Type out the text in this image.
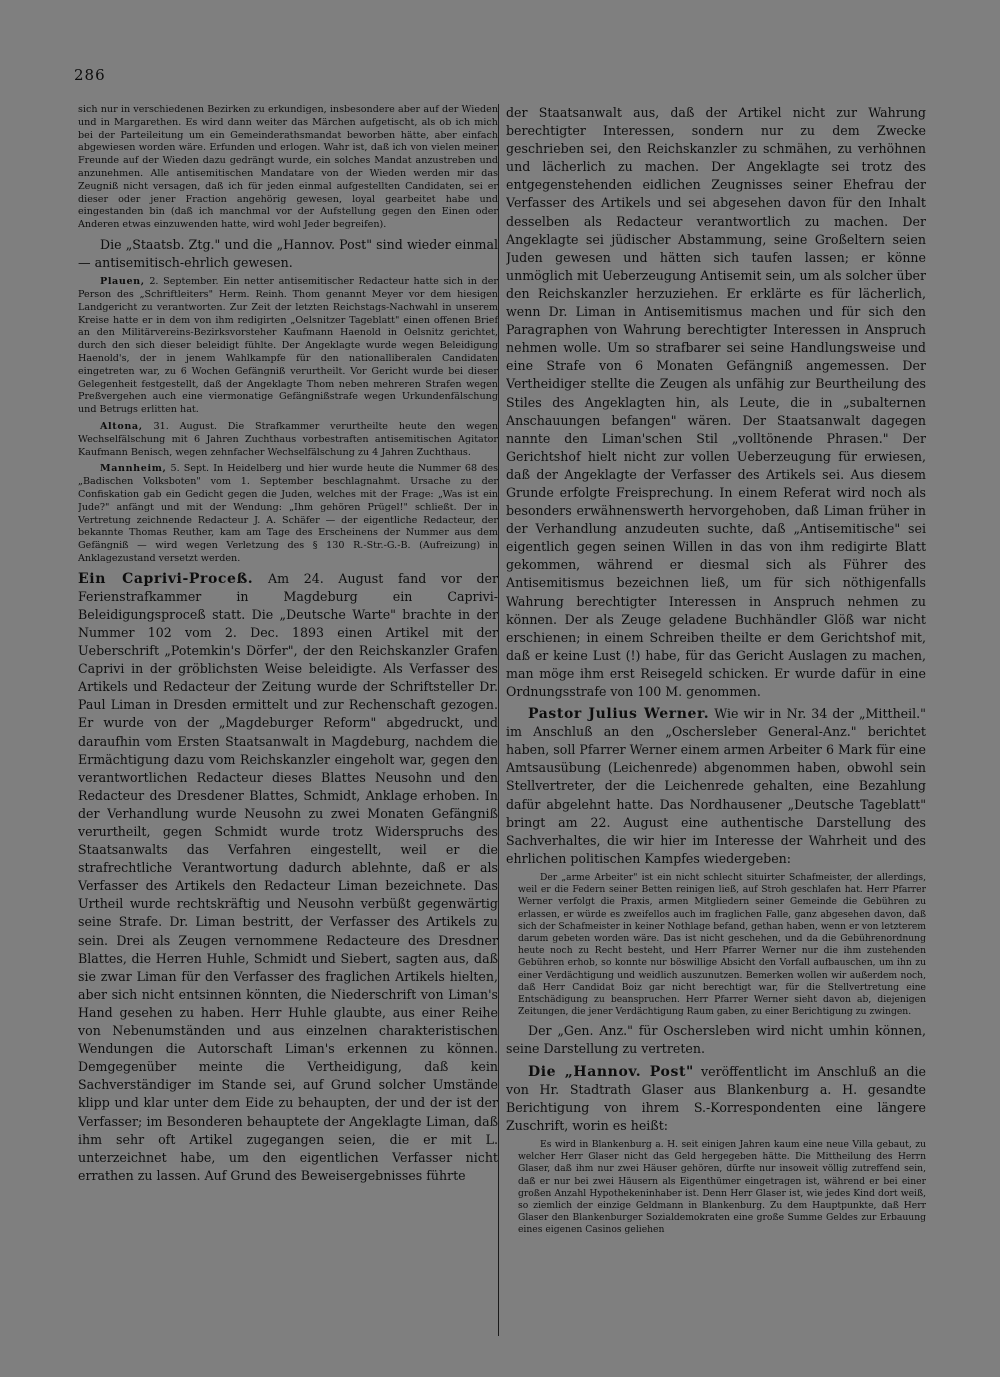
286

sich nur in verschiedenen Bezirken zu erkundigen, insbesondere aber auf der Wieden und in Margarethen. Es wird dann weiter das Märchen aufgetischt, als ob ich mich bei der Parteileitung um ein Gemeinderathsmandat beworben hätte, aber einfach abgewiesen worden wäre. Erfunden und erlogen. Wahr ist, daß ich von vielen meiner Freunde auf der Wieden dazu gedrängt wurde, ein solches Mandat anzustreben und anzunehmen. Alle antisemitischen Mandatare von der Wieden werden mir das Zeugniß nicht versagen, daß ich für jeden einmal aufgestellten Candidaten, sei er dieser oder jener Fraction angehörig gewesen, loyal gearbeitet habe und eingestanden bin (daß ich manchmal vor der Aufstellung gegen den Einen oder Anderen etwas einzuwenden hatte, wird wohl Jeder begreifen).

Die „Staatsb. Ztg." und die „Hannov. Post" sind wieder einmal — antisemitisch-ehrlich gewesen.

Plauen, 2. September. Ein netter antisemitischer Redacteur hatte sich in der Person des „Schriftleiters" Herm. Reinh. Thom genannt Meyer vor dem hiesigen Landgericht zu verantworten. Zur Zeit der letzten Reichstags-Nachwahl in unserem Kreise hatte er in dem von ihm redigirten „Oelsnitzer Tageblatt" einen offenen Brief an den Militärvereins-Bezirksvorsteher Kaufmann Haenold in Oelsnitz gerichtet, durch den sich dieser beleidigt fühlte. Der Angeklagte wurde wegen Beleidigung Haenold's, der in jenem Wahlkampfe für den nationalliberalen Candidaten eingetreten war, zu 6 Wochen Gefängniß verurtheilt. Vor Gericht wurde bei dieser Gelegenheit festgestellt, daß der Angeklagte Thom neben mehreren Strafen wegen Preßvergehen auch eine viermonatige Gefängnißstrafe wegen Urkundenfälschung und Betrugs erlitten hat.

Altona, 31. August. Die Strafkammer verurtheilte heute den wegen Wechselfälschung mit 6 Jahren Zuchthaus vorbestraften antisemitischen Agitator Kaufmann Benisch, wegen zehnfacher Wechselfälschung zu 4 Jahren Zuchthaus.

Mannheim, 5. Sept. In Heidelberg und hier wurde heute die Nummer 68 des „Badischen Volksboten" vom 1. September beschlagnahmt. Ursache zu der Confiskation gab ein Gedicht gegen die Juden, welches mit der Frage: „Was ist ein Jude?" anfängt und mit der Wendung: „Ihm gehören Prügel!" schließt. Der in Vertretung zeichnende Redacteur J. A. Schäfer — der eigentliche Redacteur, der bekannte Thomas Reuther, kam am Tage des Erscheinens der Nummer aus dem Gefängniß — wird wegen Verletzung des § 130 R.-Str.-G.-B. (Aufreizung) in Anklagezustand versetzt werden.

Ein Caprivi-Proceß. Am 24. August fand vor der Ferienstrafkammer in Magdeburg ein Caprivi-Beleidigungsproceß statt. Die „Deutsche Warte" brachte in der Nummer 102 vom 2. Dec. 1893 einen Artikel mit der Ueberschrift „Potemkin's Dörfer", der den Reichskanzler Grafen Caprivi in der gröblichsten Weise beleidigte. Als Verfasser des Artikels und Redacteur der Zeitung wurde der Schriftsteller Dr. Paul Liman in Dresden ermittelt und zur Rechenschaft gezogen. Er wurde von der „Magdeburger Reform" abgedruckt, und daraufhin vom Ersten Staatsanwalt in Magdeburg, nachdem die Ermächtigung dazu vom Reichskanzler eingeholt war, gegen den verantwortlichen Redacteur dieses Blattes Neusohn und den Redacteur des Dresdener Blattes, Schmidt, Anklage erhoben. In der Verhandlung wurde Neusohn zu zwei Monaten Gefängniß verurtheilt, gegen Schmidt wurde trotz Widerspruchs des Staatsanwalts das Verfahren eingestellt, weil er die strafrechtliche Verantwortung dadurch ablehnte, daß er als Verfasser des Artikels den Redacteur Liman bezeichnete. Das Urtheil wurde rechtskräftig und Neusohn verbüßt gegenwärtig seine Strafe. Dr. Liman bestritt, der Verfasser des Artikels zu sein. Drei als Zeugen vernommene Redacteure des Dresdner Blattes, die Herren Huhle, Schmidt und Siebert, sagten aus, daß sie zwar Liman für den Verfasser des fraglichen Artikels hielten, aber sich nicht entsinnen könnten, die Niederschrift von Liman's Hand gesehen zu haben. Herr Huhle glaubte, aus einer Reihe von Nebenumständen und aus einzelnen charakteristischen Wendungen die Autorschaft Liman's erkennen zu können. Demgegenüber meinte die Vertheidigung, daß kein Sachverständiger im Stande sei, auf Grund solcher Umstände klipp und klar unter dem Eide zu behaupten, der und der ist der Verfasser; im Besonderen behauptete der Angeklagte Liman, daß ihm sehr oft Artikel zugegangen seien, die er mit L. unterzeichnet habe, um den eigentlichen Verfasser nicht errathen zu lassen. Auf Grund des Beweisergebnisses führte

der Staatsanwalt aus, daß der Artikel nicht zur Wahrung berechtigter Interessen, sondern nur zu dem Zwecke geschrieben sei, den Reichskanzler zu schmähen, zu verhöhnen und lächerlich zu machen. Der Angeklagte sei trotz des entgegenstehenden eidlichen Zeugnisses seiner Ehefrau der Verfasser des Artikels und sei abgesehen davon für den Inhalt desselben als Redacteur verantwortlich zu machen. Der Angeklagte sei jüdischer Abstammung, seine Großeltern seien Juden gewesen und hätten sich taufen lassen; er könne unmöglich mit Ueberzeugung Antisemit sein, um als solcher über den Reichskanzler herzuziehen. Er erklärte es für lächerlich, wenn Dr. Liman in Antisemitismus machen und für sich den Paragraphen von Wahrung berechtigter Interessen in Anspruch nehmen wolle. Um so strafbarer sei seine Handlungsweise und eine Strafe von 6 Monaten Gefängniß angemessen. Der Vertheidiger stellte die Zeugen als unfähig zur Beurtheilung des Stiles des Angeklagten hin, als Leute, die in „subalternen Anschauungen befangen" wären. Der Staatsanwalt dagegen nannte den Liman'schen Stil „volltönende Phrasen." Der Gerichtshof hielt nicht zur vollen Ueberzeugung für erwiesen, daß der Angeklagte der Verfasser des Artikels sei. Aus diesem Grunde erfolgte Freisprechung. In einem Referat wird noch als besonders erwähnenswerth hervorgehoben, daß Liman früher in der Verhandlung anzudeuten suchte, daß „Antisemitische" sei eigentlich gegen seinen Willen in das von ihm redigirte Blatt gekommen, während er diesmal sich als Führer des Antisemitismus bezeichnen ließ, um für sich nöthigenfalls Wahrung berechtigter Interessen in Anspruch nehmen zu können. Der als Zeuge geladene Buchhändler Glöß war nicht erschienen; in einem Schreiben theilte er dem Gerichtshof mit, daß er keine Lust (!) habe, für das Gericht Auslagen zu machen, man möge ihm erst Reisegeld schicken. Er wurde dafür in eine Ordnungsstrafe von 100 M. genommen.

Pastor Julius Werner. Wie wir in Nr. 34 der „Mittheil." im Anschluß an den „Oschersleber General-Anz." berichtet haben, soll Pfarrer Werner einem armen Arbeiter 6 Mark für eine Amtsausübung (Leichenrede) abgenommen haben, obwohl sein Stellvertreter, der die Leichenrede gehalten, eine Bezahlung dafür abgelehnt hatte. Das Nordhausener „Deutsche Tageblatt" bringt am 22. August eine authentische Darstellung des Sachverhaltes, die wir hier im Interesse der Wahrheit und des ehrlichen politischen Kampfes wiedergeben:

Der „arme Arbeiter" ist ein nicht schlecht situirter Schafmeister, der allerdings, weil er die Federn seiner Betten reinigen ließ, auf Stroh geschlafen hat. Herr Pfarrer Werner verfolgt die Praxis, armen Mitgliedern seiner Gemeinde die Gebühren zu erlassen, er würde es zweifellos auch im fraglichen Falle, ganz abgesehen davon, daß sich der Schafmeister in keiner Nothlage befand, gethan haben, wenn er von letzterem darum gebeten worden wäre. Das ist nicht geschehen, und da die Gebührenordnung heute noch zu Recht besteht, und Herr Pfarrer Werner nur die ihm zustehenden Gebühren erhob, so konnte nur böswillige Absicht den Vorfall aufbauschen, um ihn zu einer Verdächtigung und weidlich auszunutzen. Bemerken wollen wir außerdem noch, daß Herr Candidat Boiz gar nicht berechtigt war, für die Stellvertretung eine Entschädigung zu beanspruchen. Herr Pfarrer Werner sieht davon ab, diejenigen Zeitungen, die jener Verdächtigung Raum gaben, zu einer Berichtigung zu zwingen.

Der „Gen. Anz." für Oschersleben wird nicht umhin können, seine Darstellung zu vertreten.

Die „Hannov. Post" veröffentlicht im Anschluß an die von Hr. Stadtrath Glaser aus Blankenburg a. H. gesandte Berichtigung von ihrem S.-Korrespondenten eine längere Zuschrift, worin es heißt:

Es wird in Blankenburg a. H. seit einigen Jahren kaum eine neue Villa gebaut, zu welcher Herr Glaser nicht das Geld hergegeben hätte. Die Mittheilung des Herrn Glaser, daß ihm nur zwei Häuser gehören, dürfte nur insoweit völlig zutreffend sein, daß er nur bei zwei Häusern als Eigenthümer eingetragen ist, während er bei einer großen Anzahl Hypothekeninhaber ist. Denn Herr Glaser ist, wie jedes Kind dort weiß, so ziemlich der einzige Geldmann in Blankenburg. Zu dem Hauptpunkte, daß Herr Glaser den Blankenburger Sozialdemokraten eine große Summe Geldes zur Erbauung eines eigenen Casinos geliehen
